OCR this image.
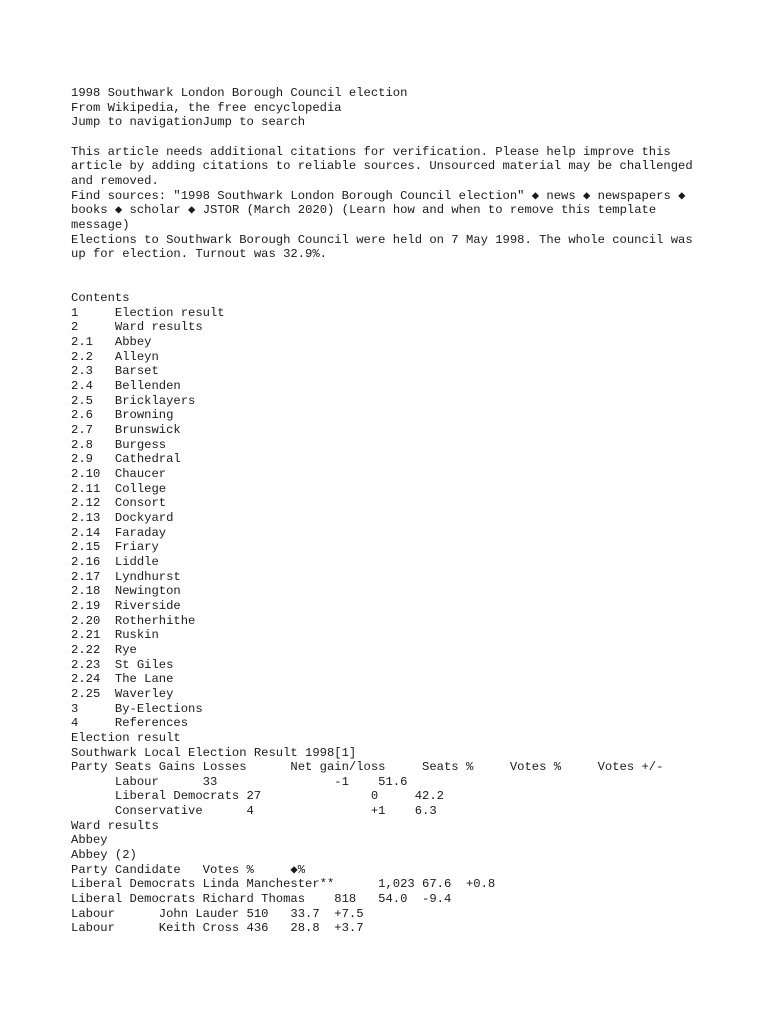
1998 Southwark London Borough Council election
From Wikipedia, the free encyclopedia
Jump to navigationJump to search
This article needs additional citations for verification. Please help improve this article by adding citations to reliable sources. Unsourced material may be challenged and removed.
Find sources: "1998 Southwark London Borough Council election" ◆ news ◆ newspapers ◆ books ◆ scholar ◆ JSTOR (March 2020) (Learn how and when to remove this template message)
Elections to Southwark Borough Council were held on 7 May 1998. The whole council was up for election. Turnout was 32.9%.
Contents
1     Election result
2     Ward results
2.1   Abbey
2.2   Alleyn
2.3   Barset
2.4   Bellenden
2.5   Bricklayers
2.6   Browning
2.7   Brunswick
2.8   Burgess
2.9   Cathedral
2.10  Chaucer
2.11  College
2.12  Consort
2.13  Dockyard
2.14  Faraday
2.15  Friary
2.16  Liddle
2.17  Lyndhurst
2.18  Newington
2.19  Riverside
2.20  Rotherhithe
2.21  Ruskin
2.22  Rye
2.23  St Giles
2.24  The Lane
2.25  Waverley
3     By-Elections
4     References
Election result
Southwark Local Election Result 1998[1]
Party Seats Gains Losses      Net gain/loss     Seats %     Votes %     Votes +/-
Labour      33                -1    51.6
Liberal Democrats 27               0     42.2
Conservative      4                +1    6.3
Ward results
Abbey
Abbey (2)
Party Candidate   Votes %     ◆%
Liberal Democrats Linda Manchester**      1,023 67.6  +0.8
Liberal Democrats Richard Thomas    818   54.0  -9.4
Labour      John Lauder 510   33.7  +7.5
Labour      Keith Cross 436   28.8  +3.7
